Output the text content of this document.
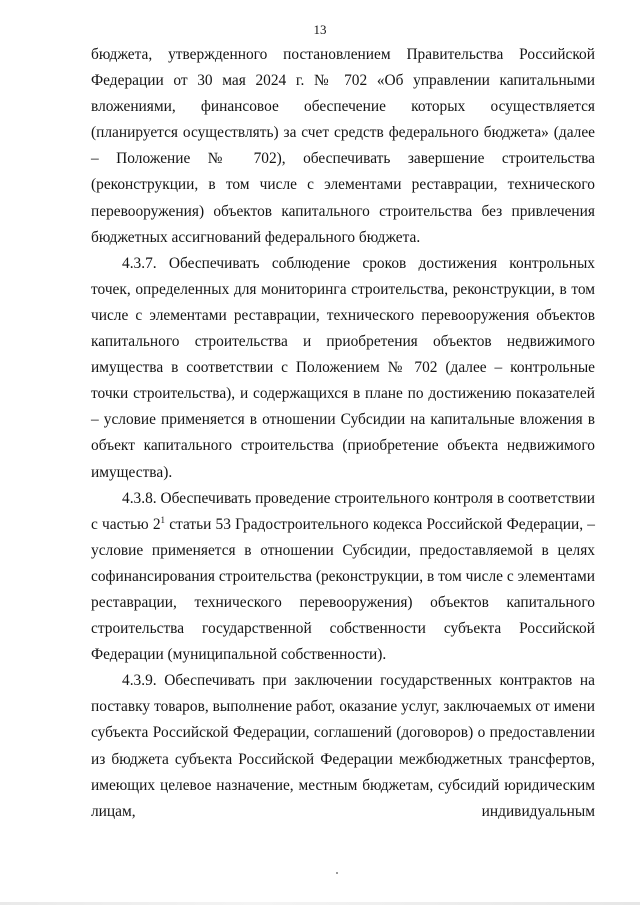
13

бюджета, утвержденного постановлением Правительства Российской Федерации от 30 мая 2024 г. № 702 «Об управлении капитальными вложениями, финансовое обеспечение которых осуществляется (планируется осуществлять) за счет средств федерального бюджета» (далее – Положение № 702), обеспечивать завершение строительства (реконструкции, в том числе с элементами реставрации, технического перевооружения) объектов капитального строительства без привлечения бюджетных ассигнований федерального бюджета.

4.3.7. Обеспечивать соблюдение сроков достижения контрольных точек, определенных для мониторинга строительства, реконструкции, в том числе с элементами реставрации, технического перевооружения объектов капитального строительства и приобретения объектов недвижимого имущества в соответствии с Положением № 702 (далее – контрольные точки строительства), и содержащихся в плане по достижению показателей – условие применяется в отношении Субсидии на капитальные вложения в объект капитального строительства (приобретение объекта недвижимого имущества).

4.3.8. Обеспечивать проведение строительного контроля в соответствии с частью $2^1$ статьи 53 Градостроительного кодекса Российской Федерации, – условие применяется в отношении Субсидии, предоставляемой в целях софинансирования строительства (реконструкции, в том числе с элементами реставрации, технического перевооружения) объектов капитального строительства государственной собственности субъекта Российской Федерации (муниципальной собственности).

4.3.9. Обеспечивать при заключении государственных контрактов на поставку товаров, выполнение работ, оказание услуг, заключаемых от имени субъекта Российской Федерации, соглашений (договоров) о предоставлении из бюджета субъекта Российской Федерации межбюджетных трансфертов, имеющих целевое назначение, местным бюджетам, субсидий юридическим лицам, индивидуальным
